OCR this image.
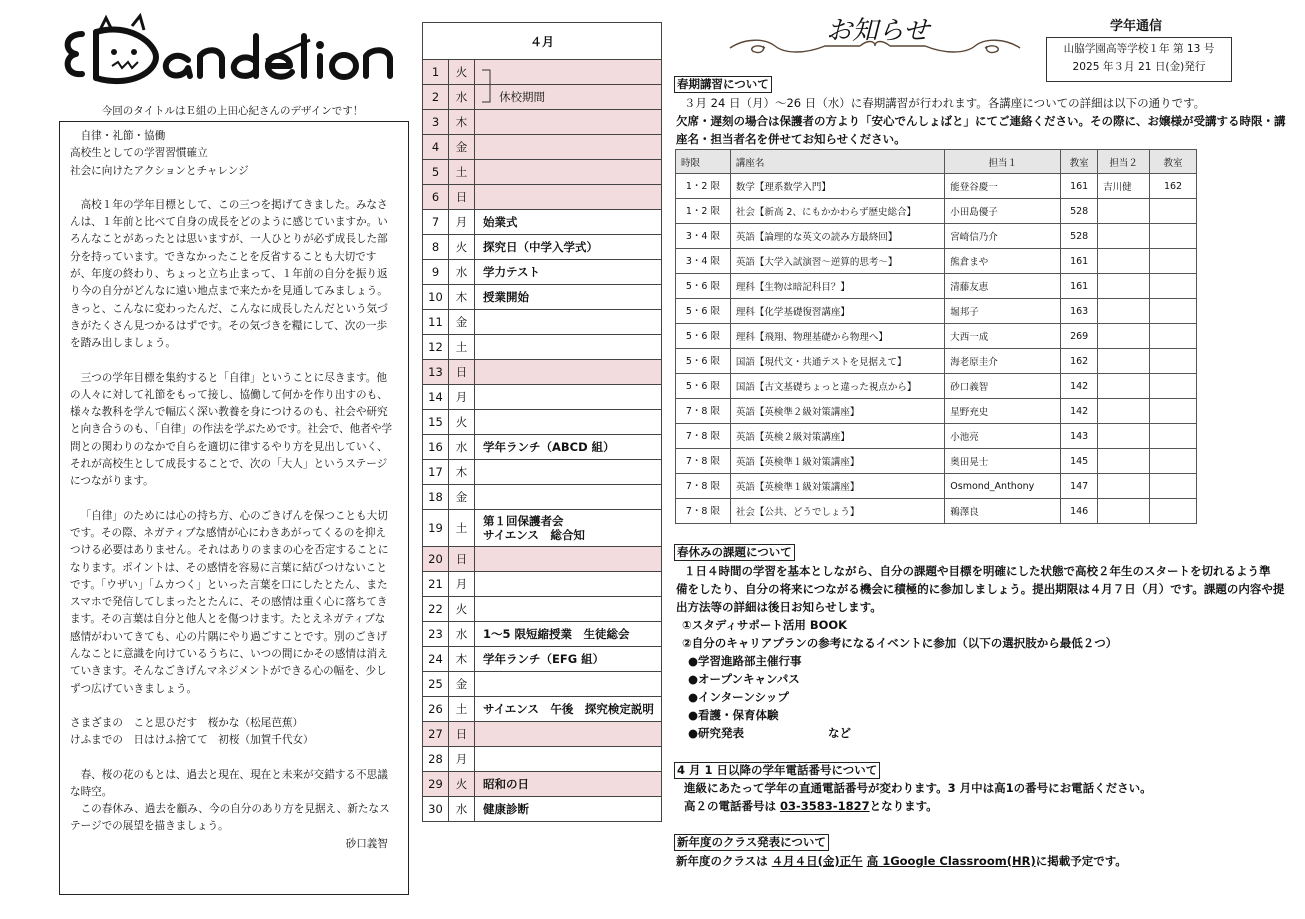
今回のタイトルはＥ組の上田心紀さんのデザインです！

自律・礼節・協働

高校生としての学習習慣確立

社会に向けたアクションとチャレンジ

高校１年の学年目標として、この三つを掲げてきました。みなさ

んは、１年前と比べて自身の成長をどのように感じていますか。い

ろんなことがあったとは思いますが、一人ひとりが必ず成長した部

分を持っています。できなかったことを反省することも大切です

が、年度の終わり、ちょっと立ち止まって、１年前の自分を振り返

り今の自分がどんなに遠い地点まで来たかを見通してみましょう。

きっと、こんなに変わったんだ、こんなに成長したんだという気づ

きがたくさん見つかるはずです。その気づきを糧にして、次の一歩

を踏み出しましょう。

三つの学年目標を集約すると「自律」ということに尽きます。他

の人々に対して礼節をもって接し、協働して何かを作り出すのも、

様々な教科を学んで幅広く深い教養を身につけるのも、社会や研究

と向き合うのも、「自律」の作法を学ぶためです。社会で、他者や学

問との関わりのなかで自らを適切に律するやり方を見出していく、

それが高校生として成長することで、次の「大人」というステージ

につながります。

「自律」のためには心の持ち方、心のごきげんを保つことも大切

です。その際、ネガティブな感情が心にわきあがってくるのを抑え

つける必要はありません。それはありのままの心を否定することに

なります。ポイントは、その感情を容易に言葉に結びつけないこと

です。「ウザい」「ムカつく」といった言葉を口にしたとたん、また

スマホで発信してしまったとたんに、その感情は重く心に落ちてき

ます。その言葉は自分と他人とを傷つけます。たとえネガティブな

感情がわいてきても、心の片隅にやり過ごすことです。別のごきげ

んなことに意識を向けているうちに、いつの間にかその感情は消え

ていきます。そんなごきげんマネジメントができる心の幅を、少し

ずつ広げていきましょう。

さまざまの　こと思ひだす　桜かな（松尾芭蕉）

けふまでの　日はけふ捨てて　初桜（加賀千代女）

春、桜の花のもとは、過去と現在、現在と未来が交錯する不思議

な時空。

この春休み、過去を顧み、今の自分のあり方を見据え、新たなス

テージでの展望を描きましょう。

砂口義智

４月		
1	火	
2	水	休校期間
3	木	
4	金	
5	土	
6	日	
7	月	始業式
8	火	探究日（中学入学式）
9	水	学力テスト
10	木	授業開始
11	金	
12	土	
13	日	
14	月	
15	火	
16	水	学年ランチ（ABCD 組）
17	木	
18	金	
19	土	第１回保護者会
サイエンス　総合知

20	日	
21	月	
22	火	
23	水	1～5 限短縮授業　生徒総会
24	木	学年ランチ（EFG 組）
25	金	
26	土	サイエンス　午後　探究検定説明
27	日	
28	月	
29	火	昭和の日
30	水	健康診断
お知らせ	学年通信
山脇学園高等学校１年 第 13 号
2025 年３月 21 日(金)発行
春期講習について
３月 24 日（月）～26 日（水）に春期講習が行われます。各講座についての詳細は以下の通りです。
欠席・遅刻の場合は保護者の方より「安心でんしょばと」にてご連絡ください。その際に、お嬢様が受講する時限・講
座名・担当者名を併せてお知らせください。
時限	講座名	担当１	教室	担当２	教室
1・2 限	数学【理系数学入門】	能登谷慶一	161	吉川健	162
1・2 限	社会【新高 2、にもかかわらず歴史総合】	小田島優子	528		
3・4 限	英語【論理的な英文の読み方最終回】	宮崎信乃介	528		
3・4 限	英語【大学入試演習～逆算的思考～】	熊倉まや	161		
5・6 限	理科【生物は暗記科目？】	清藤友恵	161		
5・6 限	理科【化学基礎復習講座】	堀邦子	163		
5・6 限	理科【飛翔、物理基礎から物理へ】	大西一成	269		
5・6 限	国語【現代文・共通テストを見据えて】	海老原圭介	162		
5・6 限	国語【古文基礎ちょっと違った視点から】	砂口義智	142		
7・8 限	英語【英検準２級対策講座】	星野充史	142		
7・8 限	英語【英検２級対策講座】	小池亮	143		
7・8 限	英語【英検準１級対策講座】	奥田晃士	145		
7・8 限	英語【英検準１級対策講座】	Osmond_Anthony	147		
7・8 限	社会【公共、どうでしょう】	鵜澤良	146		
春休みの課題について
１日４時間の学習を基本としながら、自分の課題や目標を明確にした状態で高校２年生のスタートを切れるよう準
備をしたり、自分の将来につながる機会に積極的に参加しましょう。提出期限は４月７日（月）です。課題の内容や提
出方法等の詳細は後日お知らせします。
①スタディサポート活用 BOOK
②自分のキャリアプランの参考になるイベントに参加（以下の選択肢から最低２つ）
●学習進路部主催行事
●オープンキャンパス
●インターンシップ
●看護・保育体験
●研究発表	など
4 月 1 日以降の学年電話番号について
進級にあたって学年の直通電話番号が変わります。3 月中は高1の番号にお電話ください。
高２の電話番号は 03-3583-1827となります。
新年度のクラス発表について
新年度のクラスは ４月４日(金)正午 高 1Google Classroom(HR)に掲載予定です。
